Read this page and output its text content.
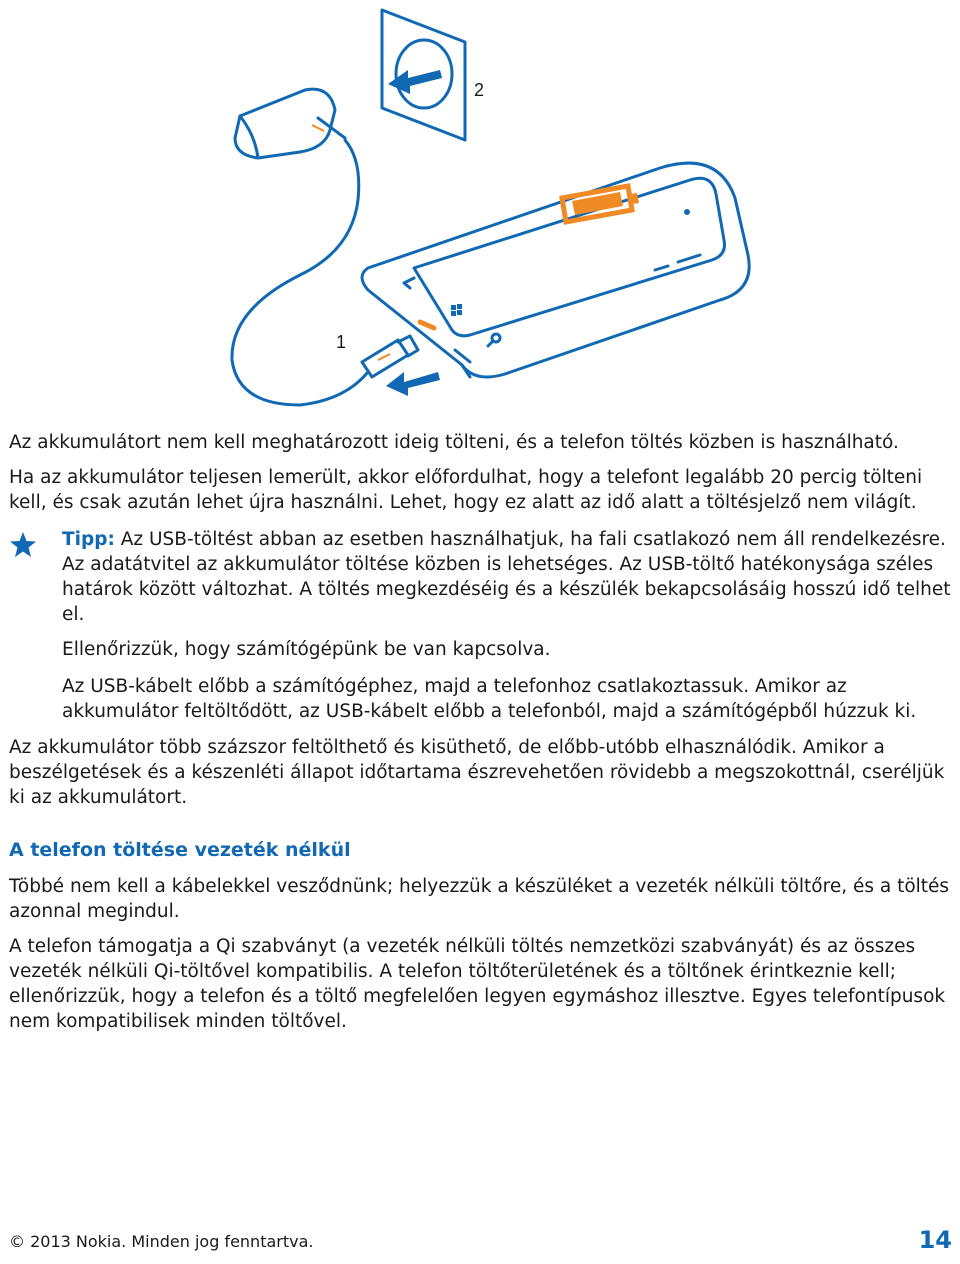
2
1

Az akkumulátort nem kell meghatározott ideig tölteni, és a telefon töltés közben is használható.

Ha az akkumulátor teljesen lemerült, akkor előfordulhat, hogy a telefont legalább 20 percig tölteni kell, és csak azután lehet újra használni. Lehet, hogy ez alatt az idő alatt a töltésjelző nem világít.

Tipp: Az USB-töltést abban az esetben használhatjuk, ha fali csatlakozó nem áll rendelkezésre. Az adatátvitel az akkumulátor töltése közben is lehetséges. Az USB-töltő hatékonysága széles határok között változhat. A töltés megkezdéséig és a készülék bekapcsolásáig hosszú idő telhet el.

Ellenőrizzük, hogy számítógépünk be van kapcsolva.

Az USB-kábelt előbb a számítógéphez, majd a telefonhoz csatlakoztassuk. Amikor az akkumulátor feltöltődött, az USB-kábelt előbb a telefonból, majd a számítógépből húzzuk ki.

Az akkumulátor több százszor feltölthető és kisüthető, de előbb-utóbb elhasználódik. Amikor a beszélgetések és a készenléti állapot időtartama észrevehetően rövidebb a megszokottnál, cseréljük ki az akkumulátort.

A telefon töltése vezeték nélkül

Többé nem kell a kábelekkel vesződnünk; helyezzük a készüléket a vezeték nélküli töltőre, és a töltés azonnal megindul.

A telefon támogatja a Qi szabványt (a vezeték nélküli töltés nemzetközi szabványát) és az összes vezeték nélküli Qi-töltővel kompatibilis. A telefon töltőterületének és a töltőnek érintkeznie kell; ellenőrizzük, hogy a telefon és a töltő megfelelően legyen egymáshoz illesztve. Egyes telefontípusok nem kompatibilisek minden töltővel.

© 2013 Nokia. Minden jog fenntartva.	14
